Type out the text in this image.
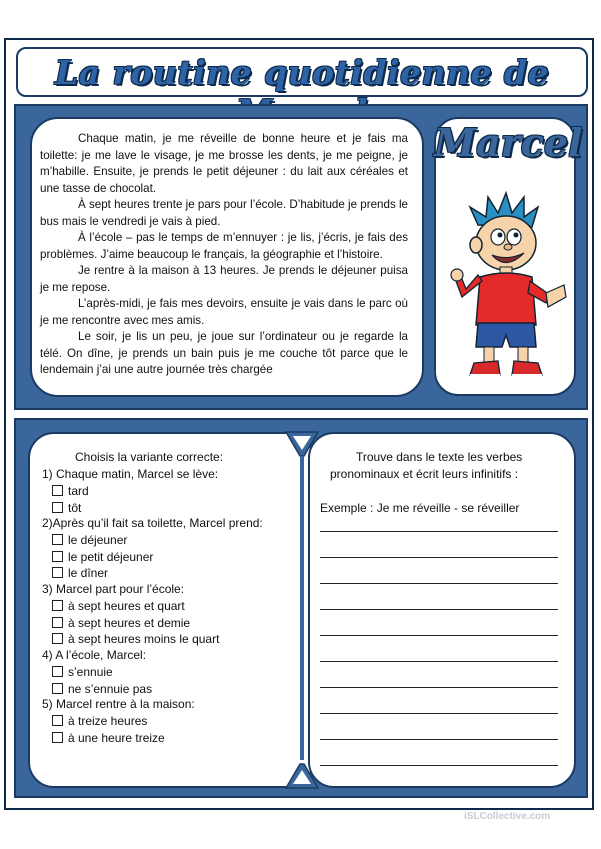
La routine quotidienne de

Chaque matin, je me réveille de bonne heure et je fais ma toilette: je me lave le visage, je me brosse les dents, je me peigne, je m’habille. Ensuite, je prends le petit déjeuner : du lait aux céréales et une tasse de chocolat.

À sept heures trente je pars pour l’école. D’habitude je prends le bus mais le vendredi je vais à pied.

À l’école – pas le temps de m’ennuyer : je lis, j’écris, je fais des problèmes. J’aime beaucoup le français, la géographie et l’histoire.

Je rentre à la maison à 13 heures. Je prends le déjeuner puisa je me repose.

L’après-midi, je fais mes devoirs, ensuite je vais dans le parc où je me rencontre avec mes amis.

Le soir, je lis un peu, je joue sur l’ordinateur ou je regarde la télé. On dîne, je prends un bain puis je me couche tôt parce que le lendemain j’ai une autre journée très chargée

Marcel
Choisis la variante correcte:
1) Chaque matin, Marcel se lève:
tard
tôt
2)Après qu’il fait sa toilette, Marcel prend:
le déjeuner
le petit déjeuner
le dîner
3) Marcel part pour l’école:
à sept heures et quart
à sept heures et demie
à sept heures moins le quart
4) A l’école, Marcel:
s’ennuie
ne s’ennuie pas
5) Marcel rentre à la maison:
à treize heures
à une heure treize
Trouve dans le texte les verbes
pronominaux et écrit leurs infinitifs :
Exemple : Je me réveille - se réveiller
iSLCollective.com
